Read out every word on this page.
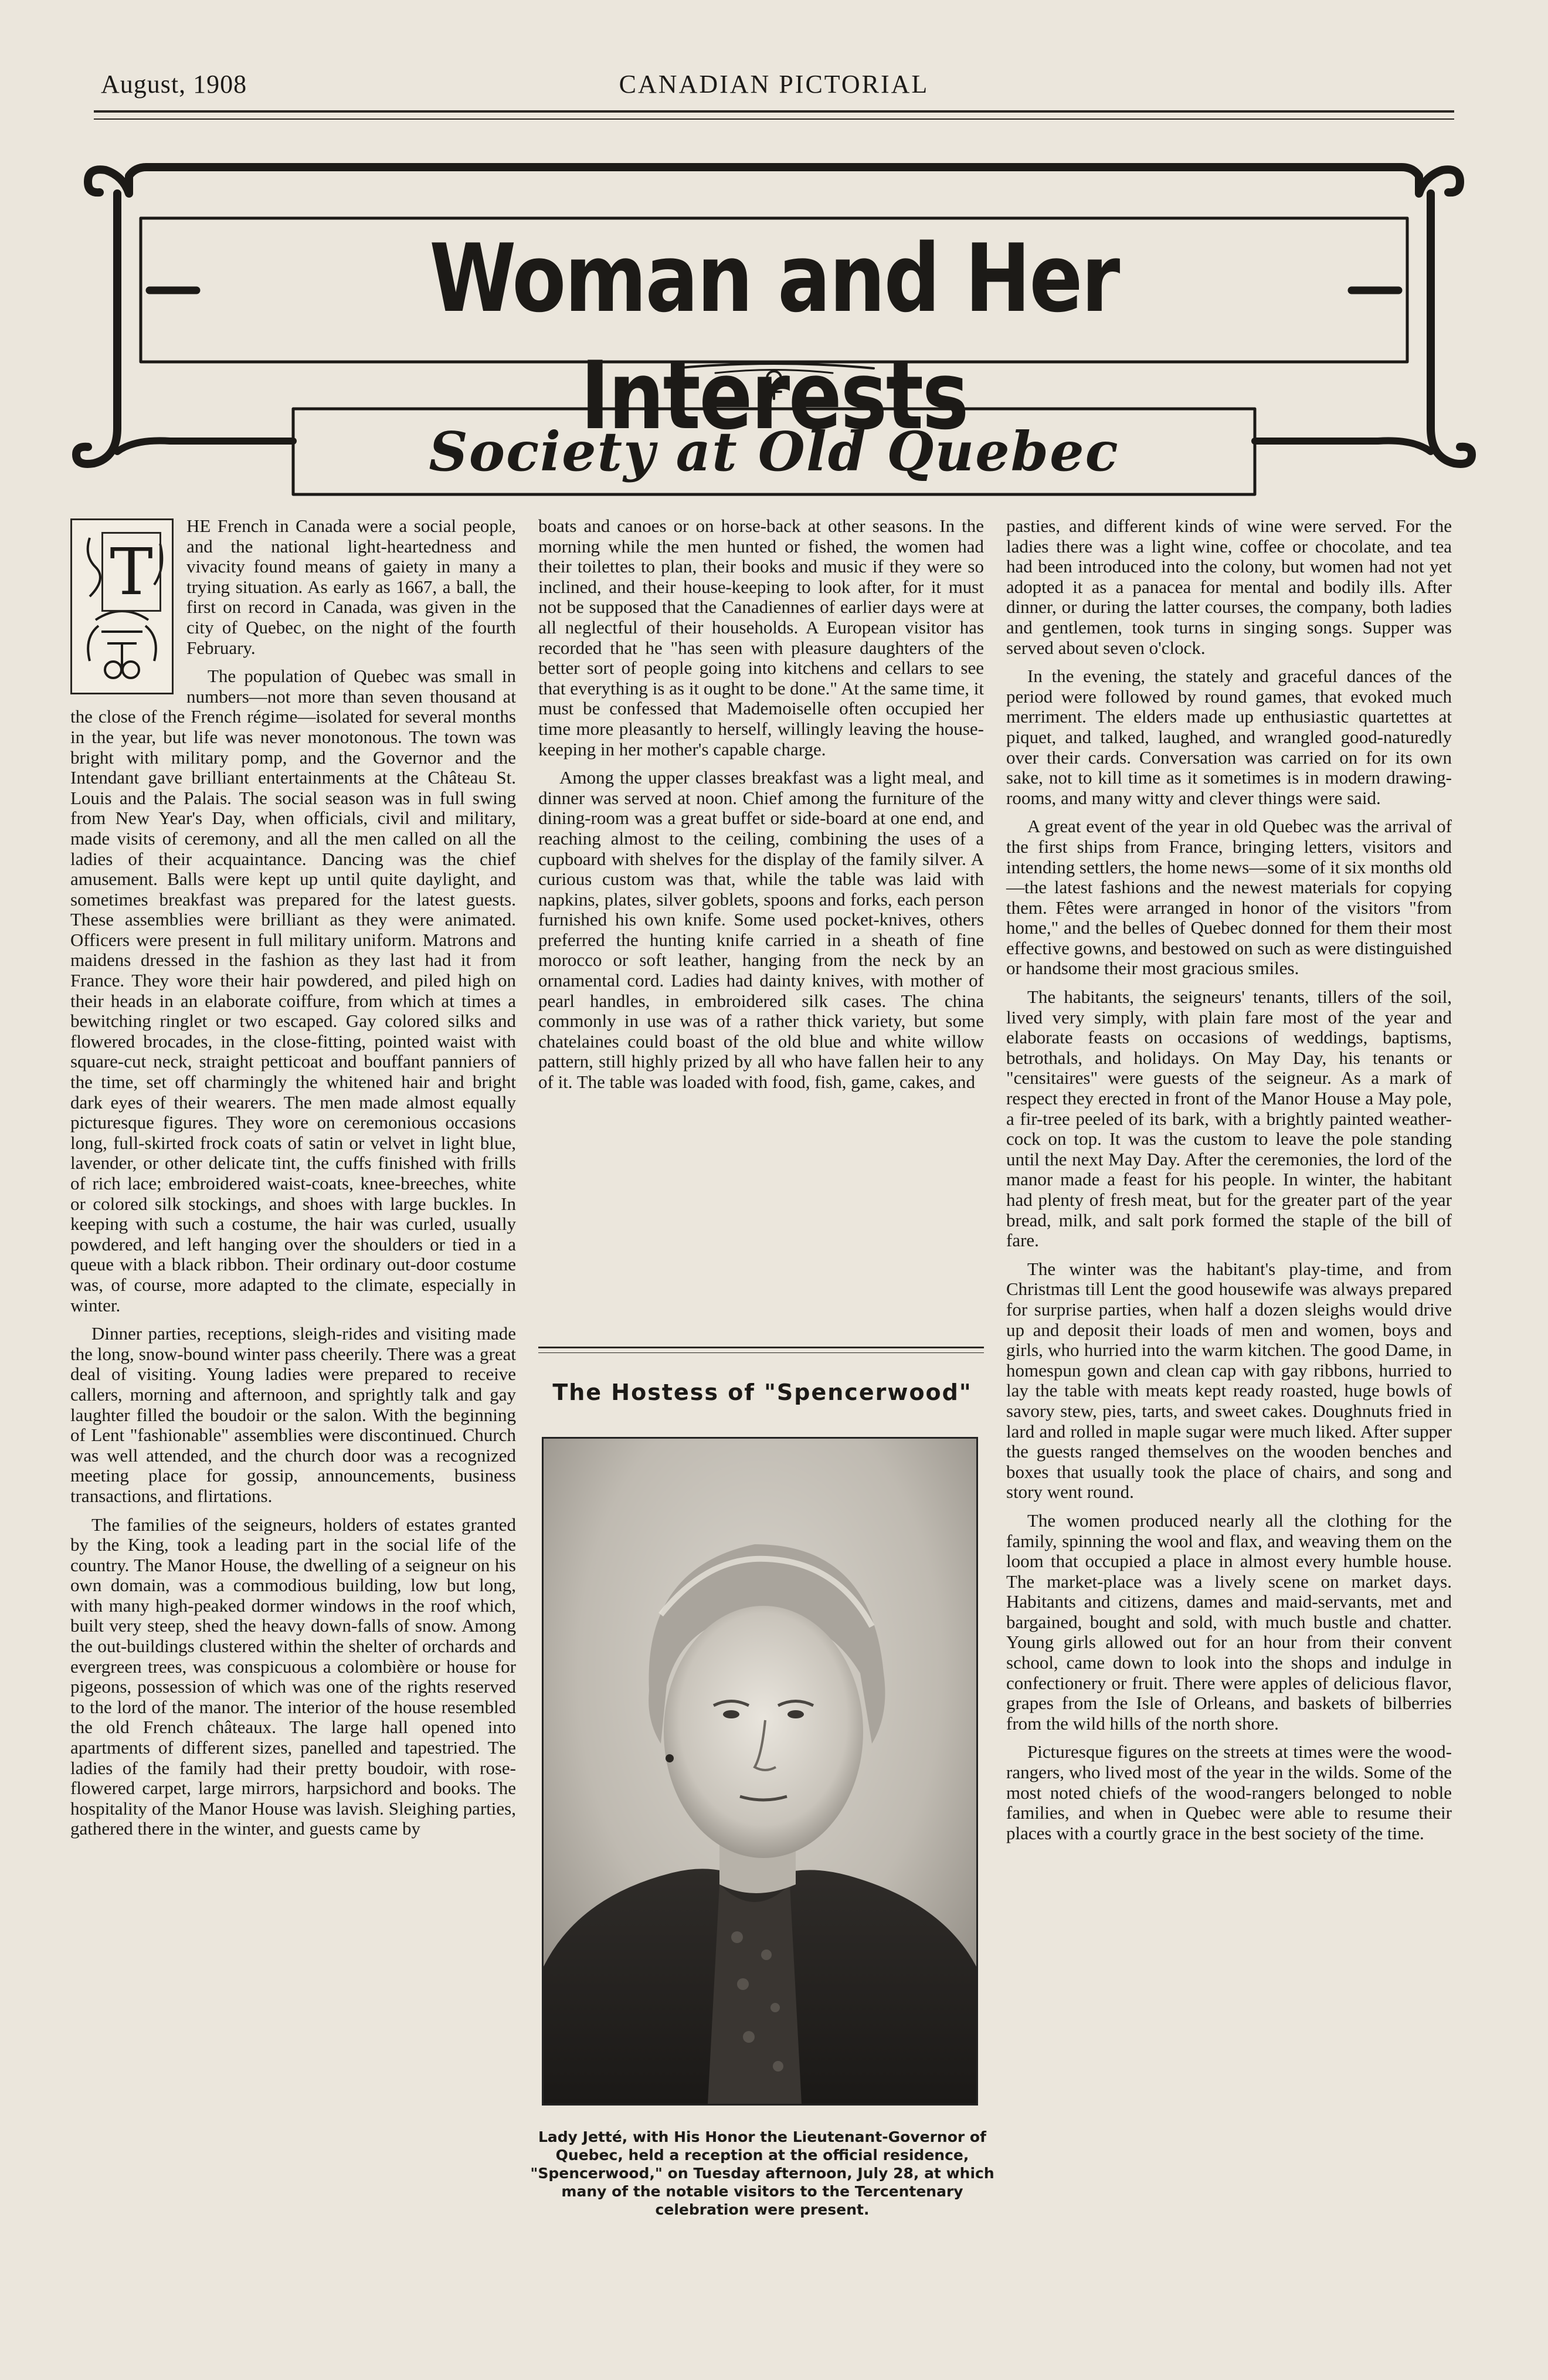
August, 1908	CANADIAN PICTORIAL
Woman and Her Interests
Society at Old Quebec
T

HE French in Canada were a social people, and the national light-heartedness and vivacity found means of gaiety in many a trying situation. As early as 1667, a ball, the first on record in Canada, was given in the city of Quebec, on the night of the fourth February.

The population of Quebec was small in numbers—not more than seven thousand at the close of the French régime—isolated for several months in the year, but life was never monotonous. The town was bright with military pomp, and the Governor and the Intendant gave brilliant entertainments at the Château St. Louis and the Palais. The social season was in full swing from New Year's Day, when officials, civil and military, made visits of ceremony, and all the men called on all the ladies of their acquaintance. Dancing was the chief amusement. Balls were kept up until quite daylight, and sometimes breakfast was prepared for the latest guests. These assemblies were brilliant as they were animated. Officers were present in full military uniform. Matrons and maidens dressed in the fashion as they last had it from France. They wore their hair powdered, and piled high on their heads in an elaborate coiffure, from which at times a bewitching ringlet or two escaped. Gay colored silks and flowered brocades, in the close-fitting, pointed waist with square-cut neck, straight petticoat and bouffant panniers of the time, set off charmingly the whitened hair and bright dark eyes of their wearers. The men made almost equally picturesque figures. They wore on ceremonious occasions long, full-skirted frock coats of satin or velvet in light blue, lavender, or other delicate tint, the cuffs finished with frills of rich lace; embroidered waist-coats, knee-breeches, white or colored silk stockings, and shoes with large buckles. In keeping with such a costume, the hair was curled, usually powdered, and left hanging over the shoulders or tied in a queue with a black ribbon. Their ordinary out-door costume was, of course, more adapted to the climate, especially in winter.

Dinner parties, receptions, sleigh-rides and visiting made the long, snow-bound winter pass cheerily. There was a great deal of visiting. Young ladies were prepared to receive callers, morning and afternoon, and sprightly talk and gay laughter filled the boudoir or the salon. With the beginning of Lent "fashionable" assemblies were discontinued. Church was well attended, and the church door was a recognized meeting place for gossip, announcements, business transactions, and flirtations.

The families of the seigneurs, holders of estates granted by the King, took a leading part in the social life of the country. The Manor House, the dwelling of a seigneur on his own domain, was a commodious building, low but long, with many high-peaked dormer windows in the roof which, built very steep, shed the heavy down-falls of snow. Among the out-buildings clustered within the shelter of orchards and evergreen trees, was conspicuous a colombière or house for pigeons, possession of which was one of the rights reserved to the lord of the manor. The interior of the house resembled the old French châteaux. The large hall opened into apartments of different sizes, panelled and tapestried. The ladies of the family had their pretty boudoir, with rose-flowered carpet, large mirrors, harpsichord and books. The hospitality of the Manor House was lavish. Sleighing parties, gathered there in the winter, and guests came by

boats and canoes or on horse-back at other seasons. In the morning while the men hunted or fished, the women had their toilettes to plan, their books and music if they were so inclined, and their house-keeping to look after, for it must not be supposed that the Canadiennes of earlier days were at all neglectful of their households. A European visitor has recorded that he "has seen with pleasure daughters of the better sort of people going into kitchens and cellars to see that everything is as it ought to be done." At the same time, it must be confessed that Mademoiselle often occupied her time more pleasantly to herself, willingly leaving the house-keeping in her mother's capable charge.

Among the upper classes breakfast was a light meal, and dinner was served at noon. Chief among the furniture of the dining-room was a great buffet or side-board at one end, and reaching almost to the ceiling, combining the uses of a cupboard with shelves for the display of the family silver. A curious custom was that, while the table was laid with napkins, plates, silver goblets, spoons and forks, each person furnished his own knife. Some used pocket-knives, others preferred the hunting knife carried in a sheath of fine morocco or soft leather, hanging from the neck by an ornamental cord. Ladies had dainty knives, with mother of pearl handles, in embroidered silk cases. The china commonly in use was of a rather thick variety, but some chatelaines could boast of the old blue and white willow pattern, still highly prized by all who have fallen heir to any of it. The table was loaded with food, fish, game, cakes, and

The Hostess of "Spencerwood"
Lady Jetté, with His Honor the Lieutenant-Governor of Quebec, held a reception at the official residence, "Spencerwood," on Tuesday afternoon, July 28, at which many of the notable visitors to the Tercentenary celebration were present.

pasties, and different kinds of wine were served. For the ladies there was a light wine, coffee or chocolate, and tea had been introduced into the colony, but women had not yet adopted it as a panacea for mental and bodily ills. After dinner, or during the latter courses, the company, both ladies and gentlemen, took turns in singing songs. Supper was served about seven o'clock.

In the evening, the stately and graceful dances of the period were followed by round games, that evoked much merriment. The elders made up enthusiastic quartettes at piquet, and talked, laughed, and wrangled good-naturedly over their cards. Conversation was carried on for its own sake, not to kill time as it sometimes is in modern drawing-rooms, and many witty and clever things were said.

A great event of the year in old Quebec was the arrival of the first ships from France, bringing letters, visitors and intending settlers, the home news—some of it six months old—the latest fashions and the newest materials for copying them. Fêtes were arranged in honor of the visitors "from home," and the belles of Quebec donned for them their most effective gowns, and bestowed on such as were distinguished or handsome their most gracious smiles.

The habitants, the seigneurs' tenants, tillers of the soil, lived very simply, with plain fare most of the year and elaborate feasts on occasions of weddings, baptisms, betrothals, and holidays. On May Day, his tenants or "censitaires" were guests of the seigneur. As a mark of respect they erected in front of the Manor House a May pole, a fir-tree peeled of its bark, with a brightly painted weather-cock on top. It was the custom to leave the pole standing until the next May Day. After the ceremonies, the lord of the manor made a feast for his people. In winter, the habitant had plenty of fresh meat, but for the greater part of the year bread, milk, and salt pork formed the staple of the bill of fare.

The winter was the habitant's play-time, and from Christmas till Lent the good housewife was always prepared for surprise parties, when half a dozen sleighs would drive up and deposit their loads of men and women, boys and girls, who hurried into the warm kitchen. The good Dame, in homespun gown and clean cap with gay ribbons, hurried to lay the table with meats kept ready roasted, huge bowls of savory stew, pies, tarts, and sweet cakes. Doughnuts fried in lard and rolled in maple sugar were much liked. After supper the guests ranged themselves on the wooden benches and boxes that usually took the place of chairs, and song and story went round.

The women produced nearly all the clothing for the family, spinning the wool and flax, and weaving them on the loom that occupied a place in almost every humble house. The market-place was a lively scene on market days. Habitants and citizens, dames and maid-servants, met and bargained, bought and sold, with much bustle and chatter. Young girls allowed out for an hour from their convent school, came down to look into the shops and indulge in confectionery or fruit. There were apples of delicious flavor, grapes from the Isle of Orleans, and baskets of bilberries from the wild hills of the north shore.

Picturesque figures on the streets at times were the wood-rangers, who lived most of the year in the wilds. Some of the most noted chiefs of the wood-rangers belonged to noble families, and when in Quebec were able to resume their places with a courtly grace in the best society of the time.
